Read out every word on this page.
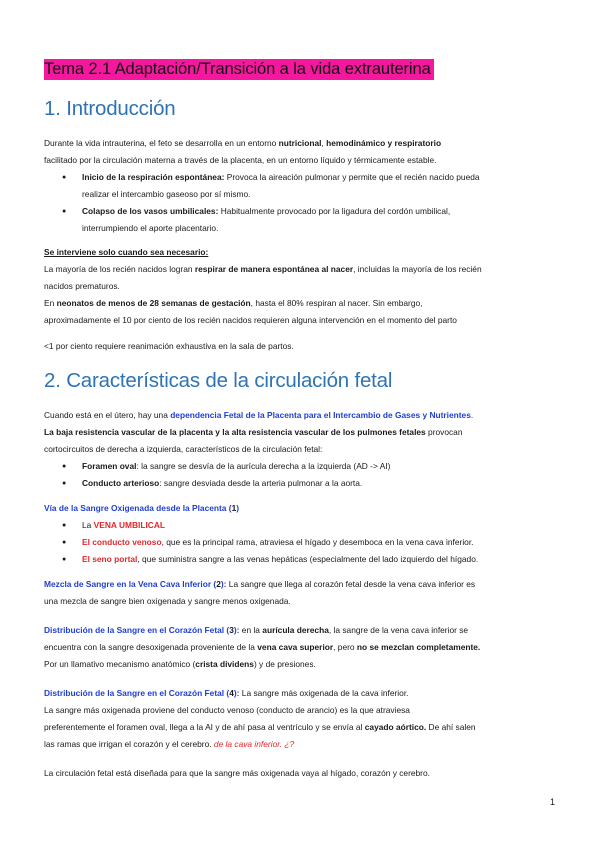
Tema 2.1 Adaptación/Transición a la vida extrauterina
1. Introducción
Durante la vida intrauterina, el feto se desarrolla en un entorno nutricional, hemodinámico y respiratorio
facilitado por la circulación materna a través de la placenta, en un entorno líquido y térmicamente estable.
● Inicio de la respiración espontánea: Provoca la aireación pulmonar y permite que el recién nacido pueda
realizar el intercambio gaseoso por sí mismo.
● Colapso de los vasos umbilicales: Habitualmente provocado por la ligadura del cordón umbilical,
interrumpiendo el aporte placentario.
Se interviene solo cuando sea necesario:
La mayoría de los recién nacidos logran respirar de manera espontánea al nacer, incluidas la mayoría de los recién
nacidos prematuros.
En neonatos de menos de 28 semanas de gestación, hasta el 80% respiran al nacer. Sin embargo,
aproximadamente el 10 por ciento de los recién nacidos requieren alguna intervención en el momento del parto
<1 por ciento requiere reanimación exhaustiva en la sala de partos.
2. Características de la circulación fetal
Cuando está en el útero, hay una dependencia Fetal de la Placenta para el Intercambio de Gases y Nutrientes.
La baja resistencia vascular de la placenta y la alta resistencia vascular de los pulmones fetales provocan
cortocircuitos de derecha a izquierda, característicos de la circulación fetal:
● Foramen oval: la sangre se desvía de la aurícula derecha a la izquierda (AD -> AI)
● Conducto arterioso: sangre desviada desde la arteria pulmonar a la aorta.
Vía de la Sangre Oxigenada desde la Placenta (1)
● La VENA UMBILICAL
● El conducto venoso, que es la principal rama, atraviesa el hígado y desemboca en la vena cava inferior.
● El seno portal, que suministra sangre a las venas hepáticas (especialmente del lado izquierdo del hígado.
Mezcla de Sangre en la Vena Cava Inferior (2): La sangre que llega al corazón fetal desde la vena cava inferior es
una mezcla de sangre bien oxigenada y sangre menos oxigenada.
Distribución de la Sangre en el Corazón Fetal (3): en la aurícula derecha, la sangre de la vena cava inferior se
encuentra con la sangre desoxigenada proveniente de la vena cava superior, pero no se mezclan completamente.
Por un llamativo mecanismo anatómico (crista dividens) y de presiones.
Distribución de la Sangre en el Corazón Fetal (4): La sangre más oxigenada de la cava inferior.
La sangre más oxigenada proviene del conducto venoso (conducto de arancio) es la que atraviesa
preferentemente el foramen oval, llega a la AI y de ahí pasa al ventrículo y se envía al cayado aórtico. De ahí salen
las ramas que irrigan el corazón y el cerebro. de la cava inferior. ¿?
La circulación fetal está diseñada para que la sangre más oxigenada vaya al hígado, corazón y cerebro.
1
